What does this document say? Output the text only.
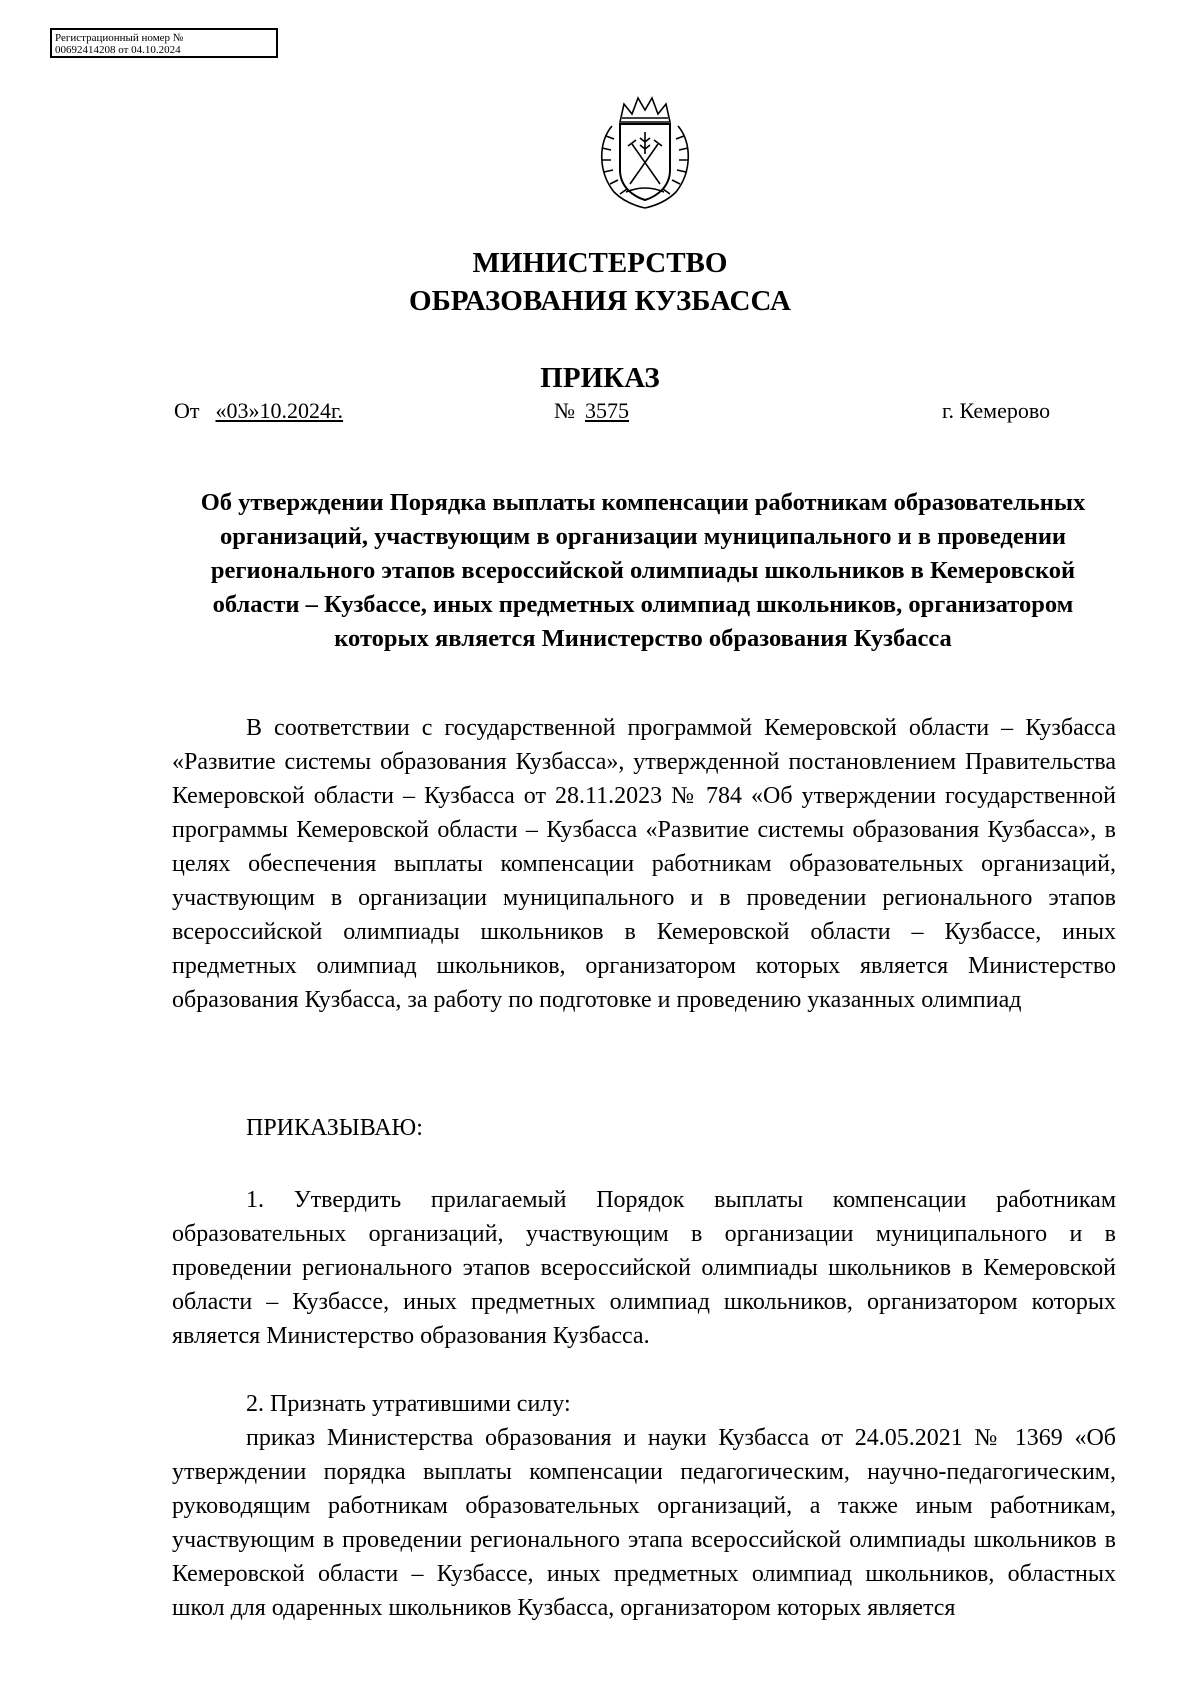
Регистрационный номер №
00692414208 от 04.10.2024
МИНИСТЕРСТВО
ОБРАЗОВАНИЯ КУЗБАССА
ПРИКАЗ
От «03»10.2024г.	№ 3575	г. Кемерово
Об утверждении Порядка выплаты компенсации работникам образовательных организаций, участвующим в организации муниципального и в проведении регионального этапов всероссийской олимпиады школьников в Кемеровской области – Кузбассе, иных предметных олимпиад школьников, организатором которых является Министерство образования Кузбасса
В соответствии с государственной программой Кемеровской области – Кузбасса «Развитие системы образования Кузбасса», утвержденной постановлением Правительства Кемеровской области – Кузбасса от 28.11.2023 № 784 «Об утверждении государственной программы Кемеровской области – Кузбасса «Развитие системы образования Кузбасса», в целях обеспечения выплаты компенсации работникам образовательных организаций, участвующим в организации муниципального и в проведении регионального этапов всероссийской олимпиады школьников в Кемеровской области – Кузбассе, иных предметных олимпиад школьников, организатором которых является Министерство образования Кузбасса, за работу по подготовке и проведению указанных олимпиад
ПРИКАЗЫВАЮ:
1. Утвердить прилагаемый Порядок выплаты компенсации работникам образовательных организаций, участвующим в организации муниципального и в проведении регионального этапов всероссийской олимпиады школьников в Кемеровской области – Кузбассе, иных предметных олимпиад школьников, организатором которых является Министерство образования Кузбасса.
2. Признать утратившими силу:
приказ Министерства образования и науки Кузбасса от 24.05.2021 № 1369 «Об утверждении порядка выплаты компенсации педагогическим, научно-педагогическим, руководящим работникам образовательных организаций, а также иным работникам, участвующим в проведении регионального этапа всероссийской олимпиады школьников в Кемеровской области – Кузбассе, иных предметных олимпиад школьников, областных школ для одаренных школьников Кузбасса, организатором которых является
